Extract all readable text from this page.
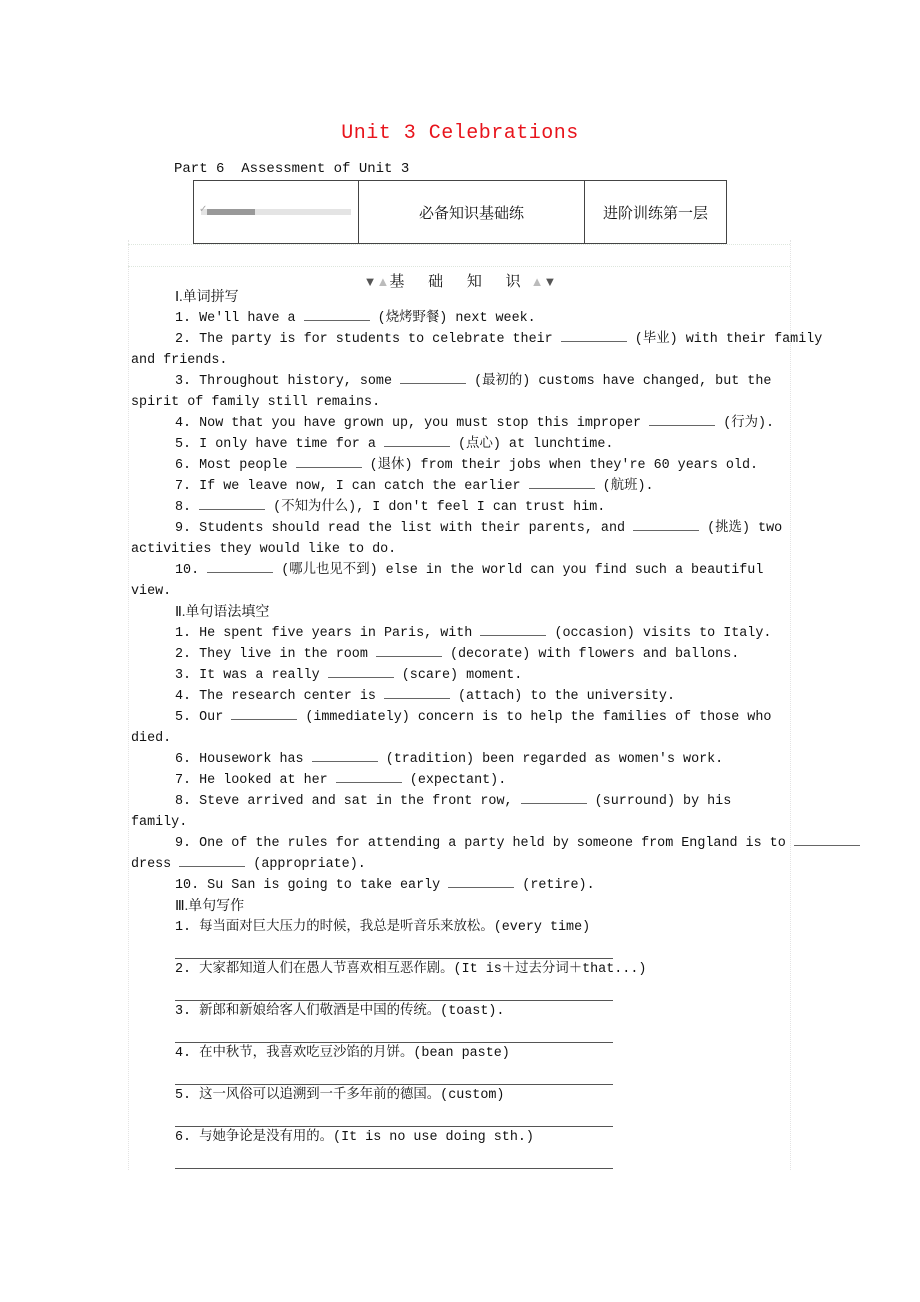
Unit 3 Celebrations
Part 6  Assessment of Unit 3
✓	必备知识基础练	进阶训练第一层
▼▲基 础 知 识▲▼
Ⅰ.单词拼写
1. We'll have a	(烧烤野餐) next week.
2. The party is for students to celebrate their	(毕业) with their family
and friends.
3. Throughout history, some	(最初的) customs have changed, but the
spirit of family still remains.
4. Now that you have grown up, you must stop this improper	(行为).
5. I only have time for a	(点心) at lunchtime.
6. Most people	(退休) from their jobs when they're 60 years old.
7. If we leave now, I can catch the earlier	(航班).
8.	(不知为什么), I don't feel I can trust him.
9. Students should read the list with their parents, and	(挑选) two
activities they would like to do.
10.	(哪儿也见不到) else in the world can you find such a beautiful
view.
Ⅱ.单句语法填空
1. He spent five years in Paris, with	(occasion) visits to Italy.
2. They live in the room	(decorate) with flowers and ballons.
3. It was a really	(scare) moment.
4. The research center is	(attach) to the university.
5. Our	(immediately) concern is to help the families of those who
died.
6. Housework has	(tradition) been regarded as women's work.
7. He looked at her	(expectant).
8. Steve arrived and sat in the front row,	(surround) by his
family.
9. One of the rules for attending a party held by someone from England is to
dress	(appropriate).
10. Su San is going to take early	(retire).
Ⅲ.单句写作
1. 每当面对巨大压力的时候，我总是听音乐来放松。(every time)
2. 大家都知道人们在愚人节喜欢相互恶作剧。(It is＋过去分词＋that...)
3. 新郎和新娘给客人们敬酒是中国的传统。(toast).
4. 在中秋节，我喜欢吃豆沙馅的月饼。(bean paste)
5. 这一风俗可以追溯到一千多年前的德国。(custom)
6. 与她争论是没有用的。(It is no use doing sth.)
